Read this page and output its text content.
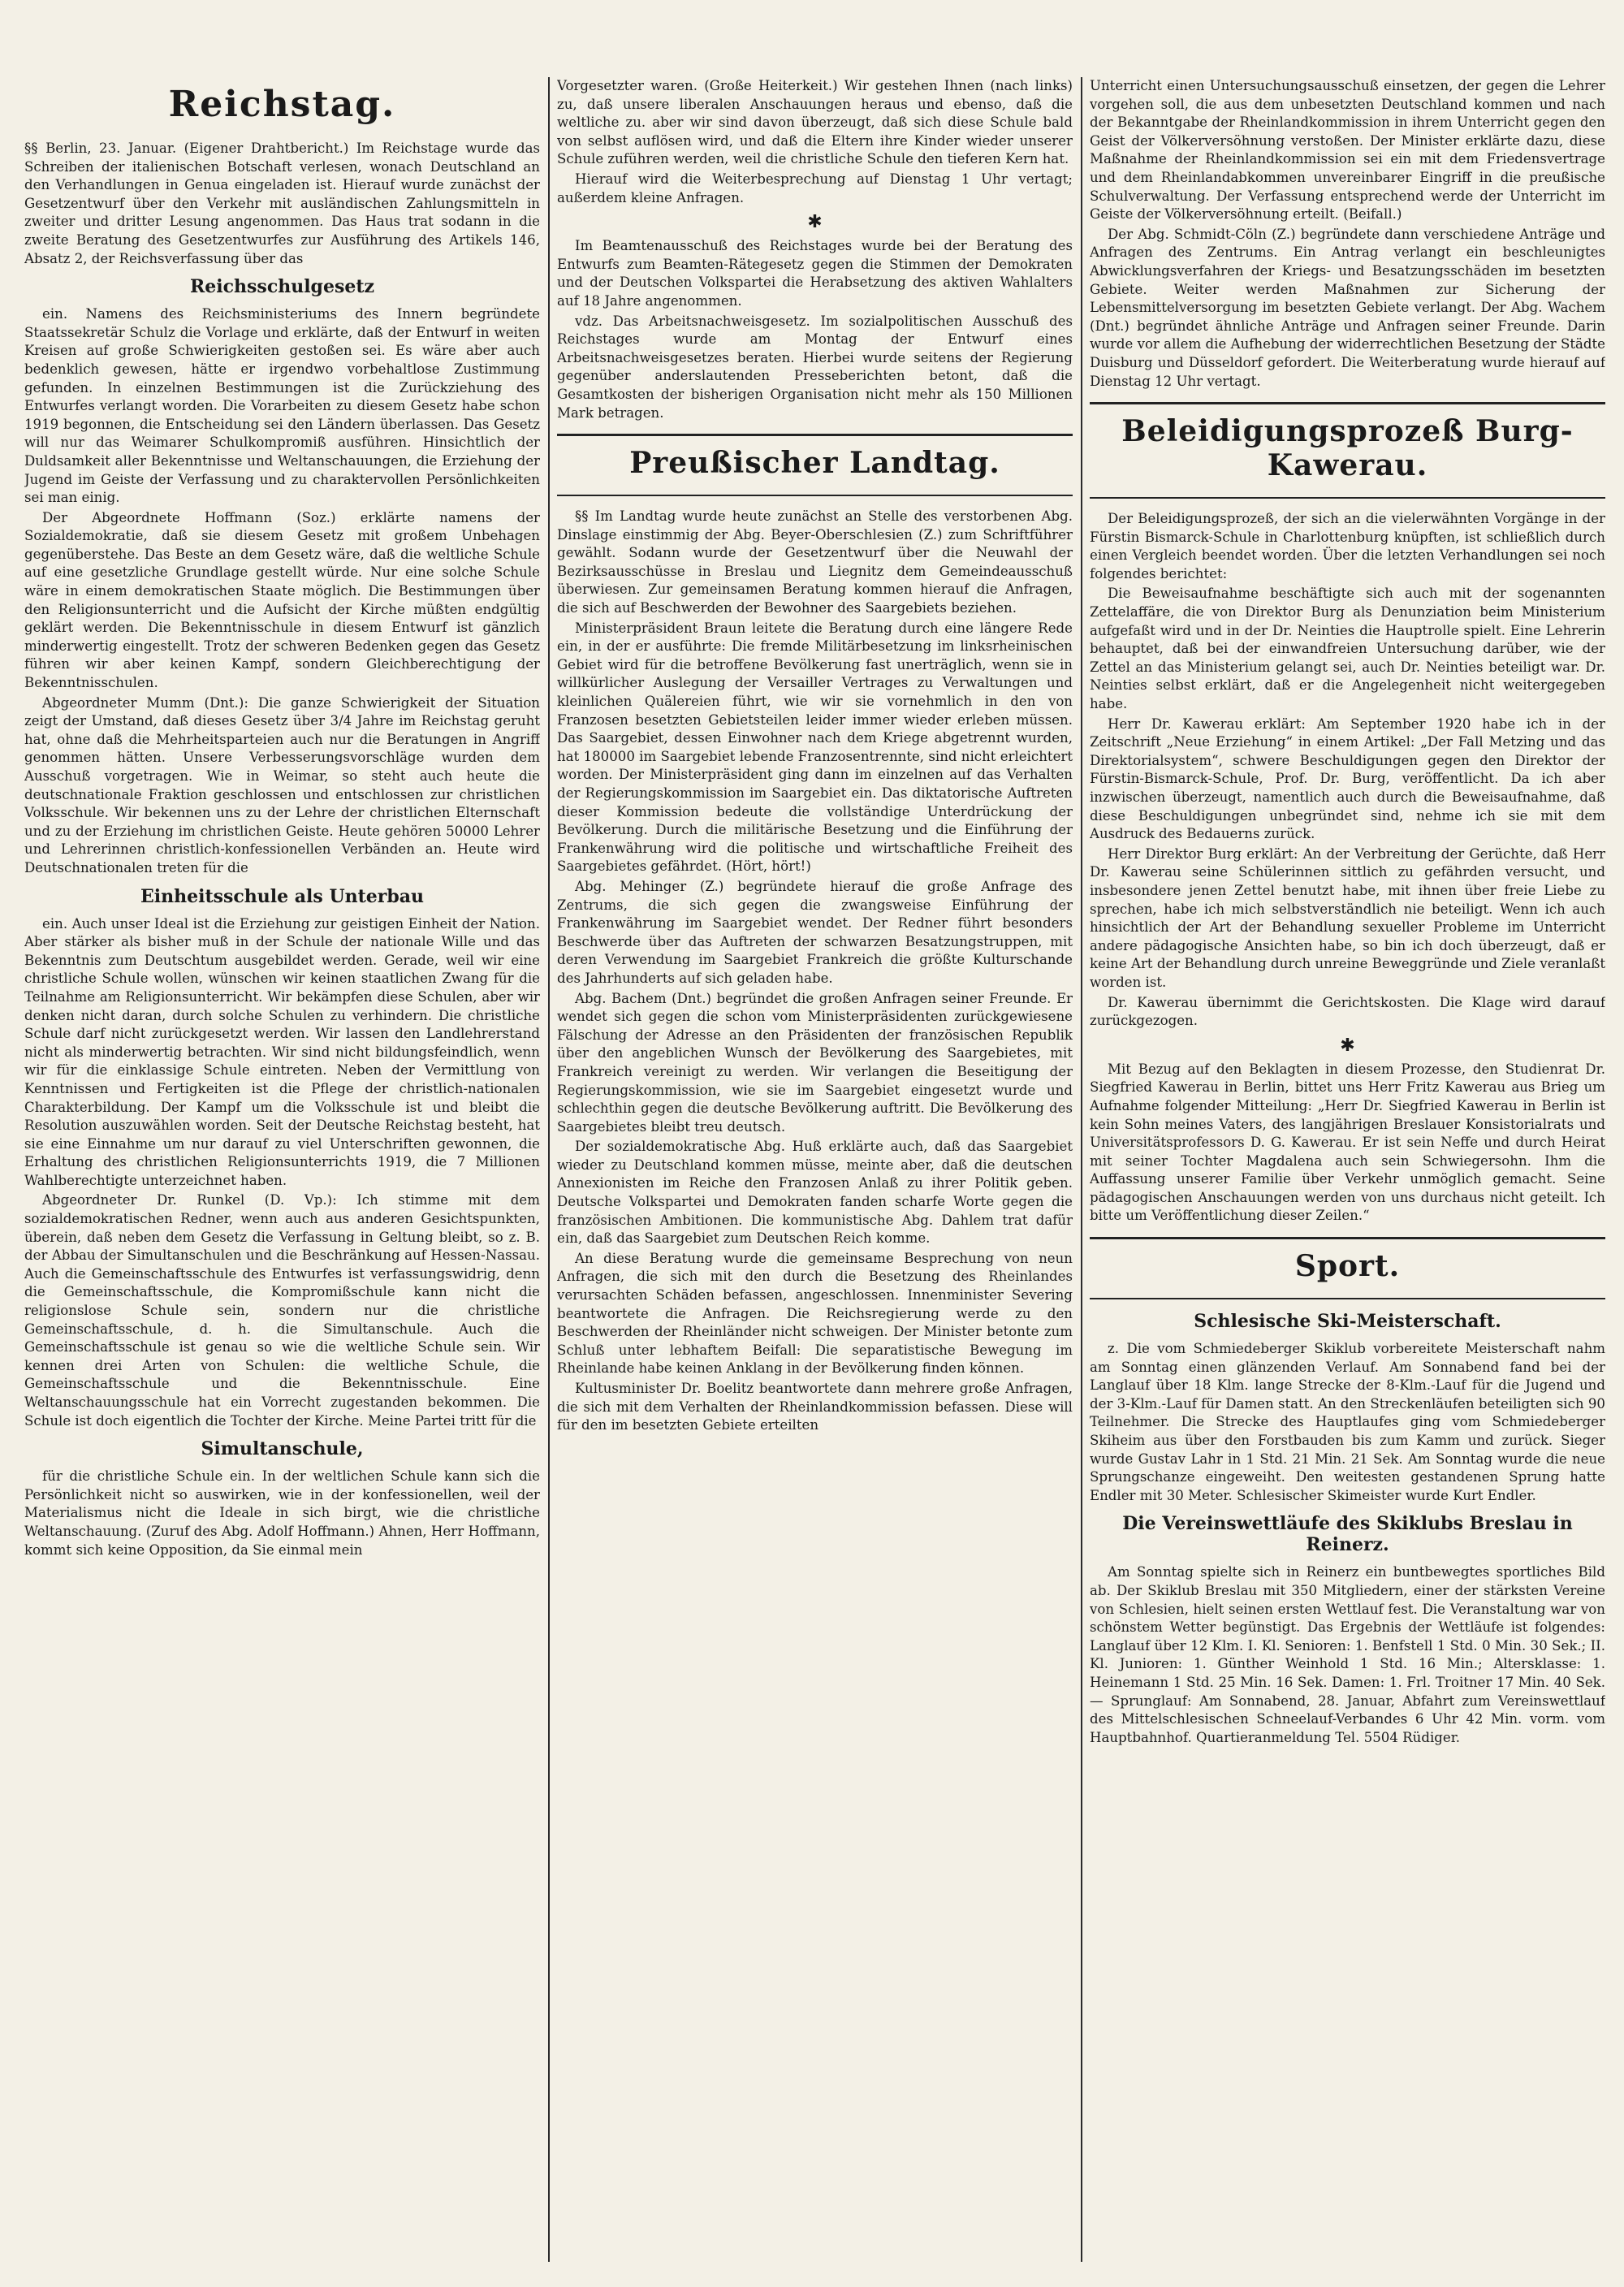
Reichstag.

§§ Berlin, 23. Januar. (Eigener Drahtbericht.) Im Reichstage wurde das Schreiben der italienischen Botschaft verlesen, wonach Deutschland an den Verhandlungen in Genua eingeladen ist. Hierauf wurde zunächst der Gesetzentwurf über den Verkehr mit ausländischen Zahlungsmitteln in zweiter und dritter Lesung angenommen. Das Haus trat sodann in die zweite Beratung des Gesetzentwurfes zur Ausführung des Artikels 146, Absatz 2, der Reichsverfassung über das

Reichsschulgesetz

ein. Namens des Reichsministeriums des Innern begründete Staatssekretär Schulz die Vorlage und erklärte, daß der Entwurf in weiten Kreisen auf große Schwierigkeiten gestoßen sei. Es wäre aber auch bedenklich gewesen, hätte er irgendwo vorbehaltlose Zustimmung gefunden. In einzelnen Bestimmungen ist die Zurückziehung des Entwurfes verlangt worden. Die Vorarbeiten zu diesem Gesetz habe schon 1919 begonnen, die Entscheidung sei den Ländern überlassen. Das Gesetz will nur das Weimarer Schulkompromiß ausführen. Hinsichtlich der Duldsamkeit aller Bekenntnisse und Weltanschauungen, die Erziehung der Jugend im Geiste der Verfassung und zu charaktervollen Persönlichkeiten sei man einig.

Der Abgeordnete Hoffmann (Soz.) erklärte namens der Sozialdemokratie, daß sie diesem Gesetz mit großem Unbehagen gegenüberstehe. Das Beste an dem Gesetz wäre, daß die weltliche Schule auf eine gesetzliche Grundlage gestellt würde. Nur eine solche Schule wäre in einem demokratischen Staate möglich. Die Bestimmungen über den Religionsunterricht und die Aufsicht der Kirche müßten endgültig geklärt werden. Die Bekenntnisschule in diesem Entwurf ist gänzlich minderwertig eingestellt. Trotz der schweren Bedenken gegen das Gesetz führen wir aber keinen Kampf, sondern Gleichberechtigung der Bekenntnisschulen.

Abgeordneter Mumm (Dnt.): Die ganze Schwierigkeit der Situation zeigt der Umstand, daß dieses Gesetz über 3/4 Jahre im Reichstag geruht hat, ohne daß die Mehrheitsparteien auch nur die Beratungen in Angriff genommen hätten. Unsere Verbesserungsvorschläge wurden dem Ausschuß vorgetragen. Wie in Weimar, so steht auch heute die deutschnationale Fraktion geschlossen und entschlossen zur christlichen Volksschule. Wir bekennen uns zu der Lehre der christlichen Elternschaft und zu der Erziehung im christlichen Geiste. Heute gehören 50000 Lehrer und Lehrerinnen christlich-konfessionellen Verbänden an. Heute wird Deutschnationalen treten für die

Einheitsschule als Unterbau

ein. Auch unser Ideal ist die Erziehung zur geistigen Einheit der Nation. Aber stärker als bisher muß in der Schule der nationale Wille und das Bekenntnis zum Deutschtum ausgebildet werden. Gerade, weil wir eine christliche Schule wollen, wünschen wir keinen staatlichen Zwang für die Teilnahme am Religionsunterricht. Wir bekämpfen diese Schulen, aber wir denken nicht daran, durch solche Schulen zu verhindern. Die christliche Schule darf nicht zurückgesetzt werden. Wir lassen den Landlehrerstand nicht als minderwertig betrachten. Wir sind nicht bildungsfeindlich, wenn wir für die einklassige Schule eintreten. Neben der Vermittlung von Kenntnissen und Fertigkeiten ist die Pflege der christlich-nationalen Charakterbildung. Der Kampf um die Volksschule ist und bleibt die Resolution auszuwählen worden. Seit der Deutsche Reichstag besteht, hat sie eine Einnahme um nur darauf zu viel Unterschriften gewonnen, die Erhaltung des christlichen Religionsunterrichts 1919, die 7 Millionen Wahlberechtigte unterzeichnet haben.

Abgeordneter Dr. Runkel (D. Vp.): Ich stimme mit dem sozialdemokratischen Redner, wenn auch aus anderen Gesichtspunkten, überein, daß neben dem Gesetz die Verfassung in Geltung bleibt, so z. B. der Abbau der Simultanschulen und die Beschränkung auf Hessen-Nassau. Auch die Gemeinschaftsschule des Entwurfes ist verfassungswidrig, denn die Gemeinschaftsschule, die Kompromißschule kann nicht die religionslose Schule sein, sondern nur die christliche Gemeinschaftsschule, d. h. die Simultanschule. Auch die Gemeinschaftsschule ist genau so wie die weltliche Schule sein. Wir kennen drei Arten von Schulen: die weltliche Schule, die Gemeinschaftsschule und die Bekenntnisschule. Eine Weltanschauungsschule hat ein Vorrecht zugestanden bekommen. Die Schule ist doch eigentlich die Tochter der Kirche. Meine Partei tritt für die

Simultanschule,

für die christliche Schule ein. In der weltlichen Schule kann sich die Persönlichkeit nicht so auswirken, wie in der konfessionellen, weil der Materialismus nicht die Ideale in sich birgt, wie die christliche Weltanschauung. (Zuruf des Abg. Adolf Hoffmann.) Ahnen, Herr Hoffmann, kommt sich keine Opposition, da Sie einmal mein

Vorgesetzter waren. (Große Heiterkeit.) Wir gestehen Ihnen (nach links) zu, daß unsere liberalen Anschauungen heraus und ebenso, daß die weltliche zu. aber wir sind davon überzeugt, daß sich diese Schule bald von selbst auflösen wird, und daß die Eltern ihre Kinder wieder unserer Schule zuführen werden, weil die christliche Schule den tieferen Kern hat.

Hierauf wird die Weiterbesprechung auf Dienstag 1 Uhr vertagt; außerdem kleine Anfragen.

✱

Im Beamtenausschuß des Reichstages wurde bei der Beratung des Entwurfs zum Beamten-Rätegesetz gegen die Stimmen der Demokraten und der Deutschen Volkspartei die Herabsetzung des aktiven Wahlalters auf 18 Jahre angenommen.

vdz. Das Arbeitsnachweisgesetz. Im sozialpolitischen Ausschuß des Reichstages wurde am Montag der Entwurf eines Arbeitsnachweisgesetzes beraten. Hierbei wurde seitens der Regierung gegenüber anderslautenden Presseberichten betont, daß die Gesamtkosten der bisherigen Organisation nicht mehr als 150 Millionen Mark betragen.

Preußischer Landtag.

§§ Im Landtag wurde heute zunächst an Stelle des verstorbenen Abg. Dinslage einstimmig der Abg. Beyer-Oberschlesien (Z.) zum Schriftführer gewählt. Sodann wurde der Gesetzentwurf über die Neuwahl der Bezirksausschüsse in Breslau und Liegnitz dem Gemeindeausschuß überwiesen. Zur gemeinsamen Beratung kommen hierauf die Anfragen, die sich auf Beschwerden der Bewohner des Saargebiets beziehen.

Ministerpräsident Braun leitete die Beratung durch eine längere Rede ein, in der er ausführte: Die fremde Militärbesetzung im linksrheinischen Gebiet wird für die betroffene Bevölkerung fast unerträglich, wenn sie in willkürlicher Auslegung der Versailler Vertrages zu Verwaltungen und kleinlichen Quälereien führt, wie wir sie vornehmlich in den von Franzosen besetzten Gebietsteilen leider immer wieder erleben müssen. Das Saargebiet, dessen Einwohner nach dem Kriege abgetrennt wurden, hat 180000 im Saargebiet lebende Franzosentrennte, sind nicht erleichtert worden. Der Ministerpräsident ging dann im einzelnen auf das Verhalten der Regierungskommission im Saargebiet ein. Das diktatorische Auftreten dieser Kommission bedeute die vollständige Unterdrückung der Bevölkerung. Durch die militärische Besetzung und die Einführung der Frankenwährung wird die politische und wirtschaftliche Freiheit des Saargebietes gefährdet. (Hört, hört!)

Abg. Mehinger (Z.) begründete hierauf die große Anfrage des Zentrums, die sich gegen die zwangsweise Einführung der Frankenwährung im Saargebiet wendet. Der Redner führt besonders Beschwerde über das Auftreten der schwarzen Besatzungstruppen, mit deren Verwendung im Saargebiet Frankreich die größte Kulturschande des Jahrhunderts auf sich geladen habe.

Abg. Bachem (Dnt.) begründet die großen Anfragen seiner Freunde. Er wendet sich gegen die schon vom Ministerpräsidenten zurückgewiesene Fälschung der Adresse an den Präsidenten der französischen Republik über den angeblichen Wunsch der Bevölkerung des Saargebietes, mit Frankreich vereinigt zu werden. Wir verlangen die Beseitigung der Regierungskommission, wie sie im Saargebiet eingesetzt wurde und schlechthin gegen die deutsche Bevölkerung auftritt. Die Bevölkerung des Saargebietes bleibt treu deutsch.

Der sozialdemokratische Abg. Huß erklärte auch, daß das Saargebiet wieder zu Deutschland kommen müsse, meinte aber, daß die deutschen Annexionisten im Reiche den Franzosen Anlaß zu ihrer Politik geben. Deutsche Volkspartei und Demokraten fanden scharfe Worte gegen die französischen Ambitionen. Die kommunistische Abg. Dahlem trat dafür ein, daß das Saargebiet zum Deutschen Reich komme.

An diese Beratung wurde die gemeinsame Besprechung von neun Anfragen, die sich mit den durch die Besetzung des Rheinlandes verursachten Schäden befassen, angeschlossen. Innenminister Severing beantwortete die Anfragen. Die Reichsregierung werde zu den Beschwerden der Rheinländer nicht schweigen. Der Minister betonte zum Schluß unter lebhaftem Beifall: Die separatistische Bewegung im Rheinlande habe keinen Anklang in der Bevölkerung finden können.

Kultusminister Dr. Boelitz beantwortete dann mehrere große Anfragen, die sich mit dem Verhalten der Rheinlandkommission befassen. Diese will für den im besetzten Gebiete erteilten

Unterricht einen Untersuchungsausschuß einsetzen, der gegen die Lehrer vorgehen soll, die aus dem unbesetzten Deutschland kommen und nach der Bekanntgabe der Rheinlandkommission in ihrem Unterricht gegen den Geist der Völkerversöhnung verstoßen. Der Minister erklärte dazu, diese Maßnahme der Rheinlandkommission sei ein mit dem Friedensvertrage und dem Rheinlandabkommen unvereinbarer Eingriff in die preußische Schulverwaltung. Der Verfassung entsprechend werde der Unterricht im Geiste der Völkerversöhnung erteilt. (Beifall.)

Der Abg. Schmidt-Cöln (Z.) begründete dann verschiedene Anträge und Anfragen des Zentrums. Ein Antrag verlangt ein beschleunigtes Abwicklungsverfahren der Kriegs- und Besatzungsschäden im besetzten Gebiete. Weiter werden Maßnahmen zur Sicherung der Lebensmittelversorgung im besetzten Gebiete verlangt. Der Abg. Wachem (Dnt.) begründet ähnliche Anträge und Anfragen seiner Freunde. Darin wurde vor allem die Aufhebung der widerrechtlichen Besetzung der Städte Duisburg und Düsseldorf gefordert. Die Weiterberatung wurde hierauf auf Dienstag 12 Uhr vertagt.

Beleidigungsprozeß Burg-Kawerau.

Der Beleidigungsprozeß, der sich an die vielerwähnten Vorgänge in der Fürstin Bismarck-Schule in Charlottenburg knüpften, ist schließlich durch einen Vergleich beendet worden. Über die letzten Verhandlungen sei noch folgendes berichtet:

Die Beweisaufnahme beschäftigte sich auch mit der sogenannten Zettelaffäre, die von Direktor Burg als Denunziation beim Ministerium aufgefaßt wird und in der Dr. Neinties die Hauptrolle spielt. Eine Lehrerin behauptet, daß bei der einwandfreien Untersuchung darüber, wie der Zettel an das Ministerium gelangt sei, auch Dr. Neinties beteiligt war. Dr. Neinties selbst erklärt, daß er die Angelegenheit nicht weitergegeben habe.

Herr Dr. Kawerau erklärt: Am September 1920 habe ich in der Zeitschrift „Neue Erziehung“ in einem Artikel: „Der Fall Metzing und das Direktorialsystem“, schwere Beschuldigungen gegen den Direktor der Fürstin-Bismarck-Schule, Prof. Dr. Burg, veröffentlicht. Da ich aber inzwischen überzeugt, namentlich auch durch die Beweisaufnahme, daß diese Beschuldigungen unbegründet sind, nehme ich sie mit dem Ausdruck des Bedauerns zurück.

Herr Direktor Burg erklärt: An der Verbreitung der Gerüchte, daß Herr Dr. Kawerau seine Schülerinnen sittlich zu gefährden versucht, und insbesondere jenen Zettel benutzt habe, mit ihnen über freie Liebe zu sprechen, habe ich mich selbstverständlich nie beteiligt. Wenn ich auch hinsichtlich der Art der Behandlung sexueller Probleme im Unterricht andere pädagogische Ansichten habe, so bin ich doch überzeugt, daß er keine Art der Behandlung durch unreine Beweggründe und Ziele veranlaßt worden ist.

Dr. Kawerau übernimmt die Gerichtskosten. Die Klage wird darauf zurückgezogen.

✱

Mit Bezug auf den Beklagten in diesem Prozesse, den Studienrat Dr. Siegfried Kawerau in Berlin, bittet uns Herr Fritz Kawerau aus Brieg um Aufnahme folgender Mitteilung: „Herr Dr. Siegfried Kawerau in Berlin ist kein Sohn meines Vaters, des langjährigen Breslauer Konsistorialrats und Universitätsprofessors D. G. Kawerau. Er ist sein Neffe und durch Heirat mit seiner Tochter Magdalena auch sein Schwiegersohn. Ihm die Auffassung unserer Familie über Verkehr unmöglich gemacht. Seine pädagogischen Anschauungen werden von uns durchaus nicht geteilt. Ich bitte um Veröffentlichung dieser Zeilen.“

Sport.
Schlesische Ski-Meisterschaft.

z. Die vom Schmiedeberger Skiklub vorbereitete Meisterschaft nahm am Sonntag einen glänzenden Verlauf. Am Sonnabend fand bei der Langlauf über 18 Klm. lange Strecke der 8-Klm.-Lauf für die Jugend und der 3-Klm.-Lauf für Damen statt. An den Streckenläufen beteiligten sich 90 Teilnehmer. Die Strecke des Hauptlaufes ging vom Schmiedeberger Skiheim aus über den Forstbauden bis zum Kamm und zurück. Sieger wurde Gustav Lahr in 1 Std. 21 Min. 21 Sek. Am Sonntag wurde die neue Sprungschanze eingeweiht. Den weitesten gestandenen Sprung hatte Endler mit 30 Meter. Schlesischer Skimeister wurde Kurt Endler.

Die Vereinswettläufe des Skiklubs Breslau in Reinerz.

Am Sonntag spielte sich in Reinerz ein buntbewegtes sportliches Bild ab. Der Skiklub Breslau mit 350 Mitgliedern, einer der stärksten Vereine von Schlesien, hielt seinen ersten Wettlauf fest. Die Veranstaltung war von schönstem Wetter begünstigt. Das Ergebnis der Wettläufe ist folgendes: Langlauf über 12 Klm. I. Kl. Senioren: 1. Benfstell 1 Std. 0 Min. 30 Sek.; II. Kl. Junioren: 1. Günther Weinhold 1 Std. 16 Min.; Altersklasse: 1. Heinemann 1 Std. 25 Min. 16 Sek. Damen: 1. Frl. Troitner 17 Min. 40 Sek. — Sprunglauf: Am Sonnabend, 28. Januar, Abfahrt zum Vereinswettlauf des Mittelschlesischen Schneelauf-Verbandes 6 Uhr 42 Min. vorm. vom Hauptbahnhof. Quartieranmeldung Tel. 5504 Rüdiger.
